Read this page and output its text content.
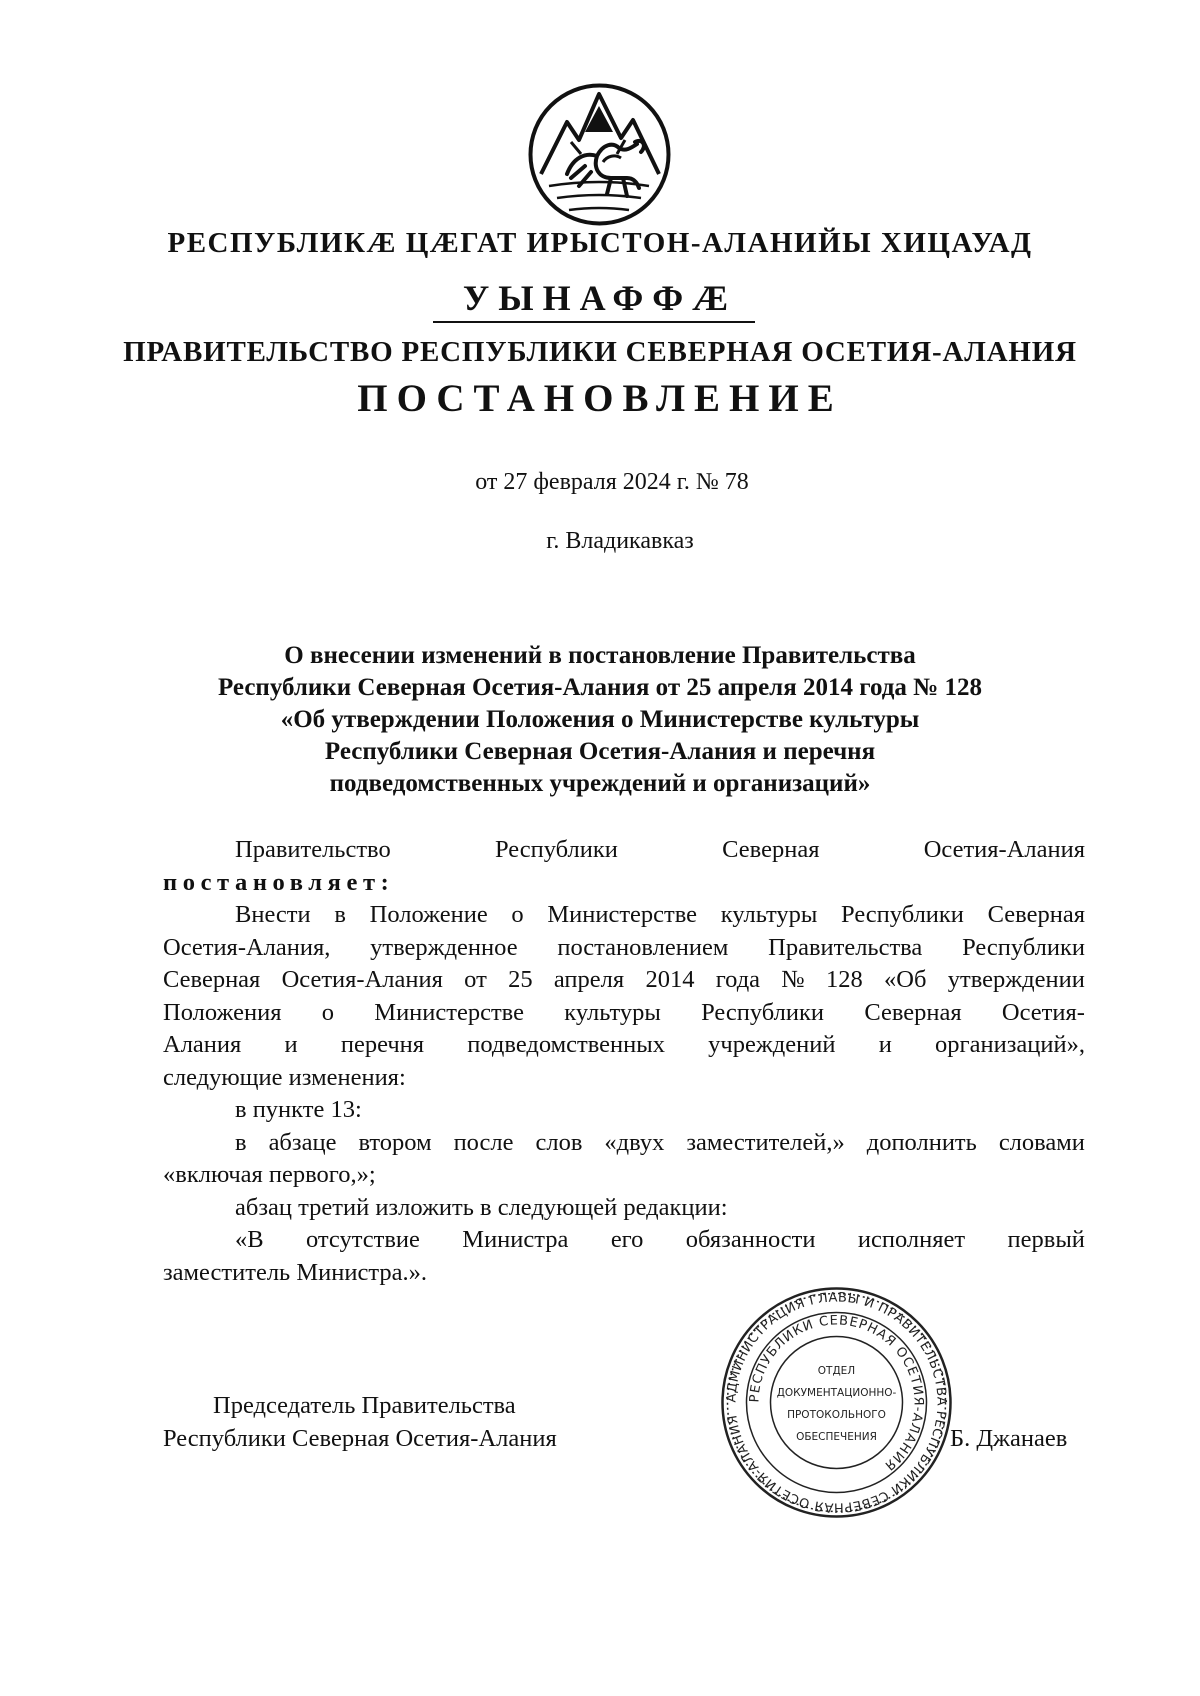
РЕСПУБЛИКÆ ЦÆГАТ ИРЫСТОН-АЛАНИЙЫ ХИЦАУАД
УЫНАФФÆ
ПРАВИТЕЛЬСТВО РЕСПУБЛИКИ СЕВЕРНАЯ ОСЕТИЯ-АЛАНИЯ
ПОСТАНОВЛЕНИЕ
от 27 февраля 2024 г. № 78
г. Владикавказ
О внесении изменений в постановление Правительства
Республики Северная Осетия-Алания от 25 апреля 2014 года № 128
«Об утверждении Положения о Министерстве культуры
Республики Северная Осетия-Алания и перечня
подведомственных учреждений и организаций»
Правительство	Республики	Северная	Осетия-Алания
постановляет:
Внести в Положение о Министерстве культуры Республики Северная
Осетия-Алания, утвержденное постановлением Правительства Республики
Северная Осетия-Алания от 25 апреля 2014 года № 128 «Об утверждении
Положения о Министерстве культуры Республики Северная Осетия-
Алания и перечня подведомственных учреждений и организаций»,
следующие изменения:
в пункте 13:
в абзаце втором после слов «двух заместителей,» дополнить словами
«включая первого,»;
абзац третий изложить в следующей редакции:
«В отсутствие Министра его обязанности исполняет первый
заместитель Министра.».
Председатель Правительства
Республики Северная Осетия-Алания	Б. Джанаев
АДМИНИСТРАЦИЯ ГЛАВЫ И ПРАВИТЕЛЬСТВА РЕСПУБЛИКИ СЕВЕРНАЯ ОСЕТИЯ-АЛАНИЯ
РЕСПУБЛИКИ СЕВЕРНАЯ ОСЕТИЯ-АЛАНИЯ
ОТДЕЛ
ДОКУМЕНТАЦИОННО-
ПРОТОКОЛЬНОГО
ОБЕСПЕЧЕНИЯ
